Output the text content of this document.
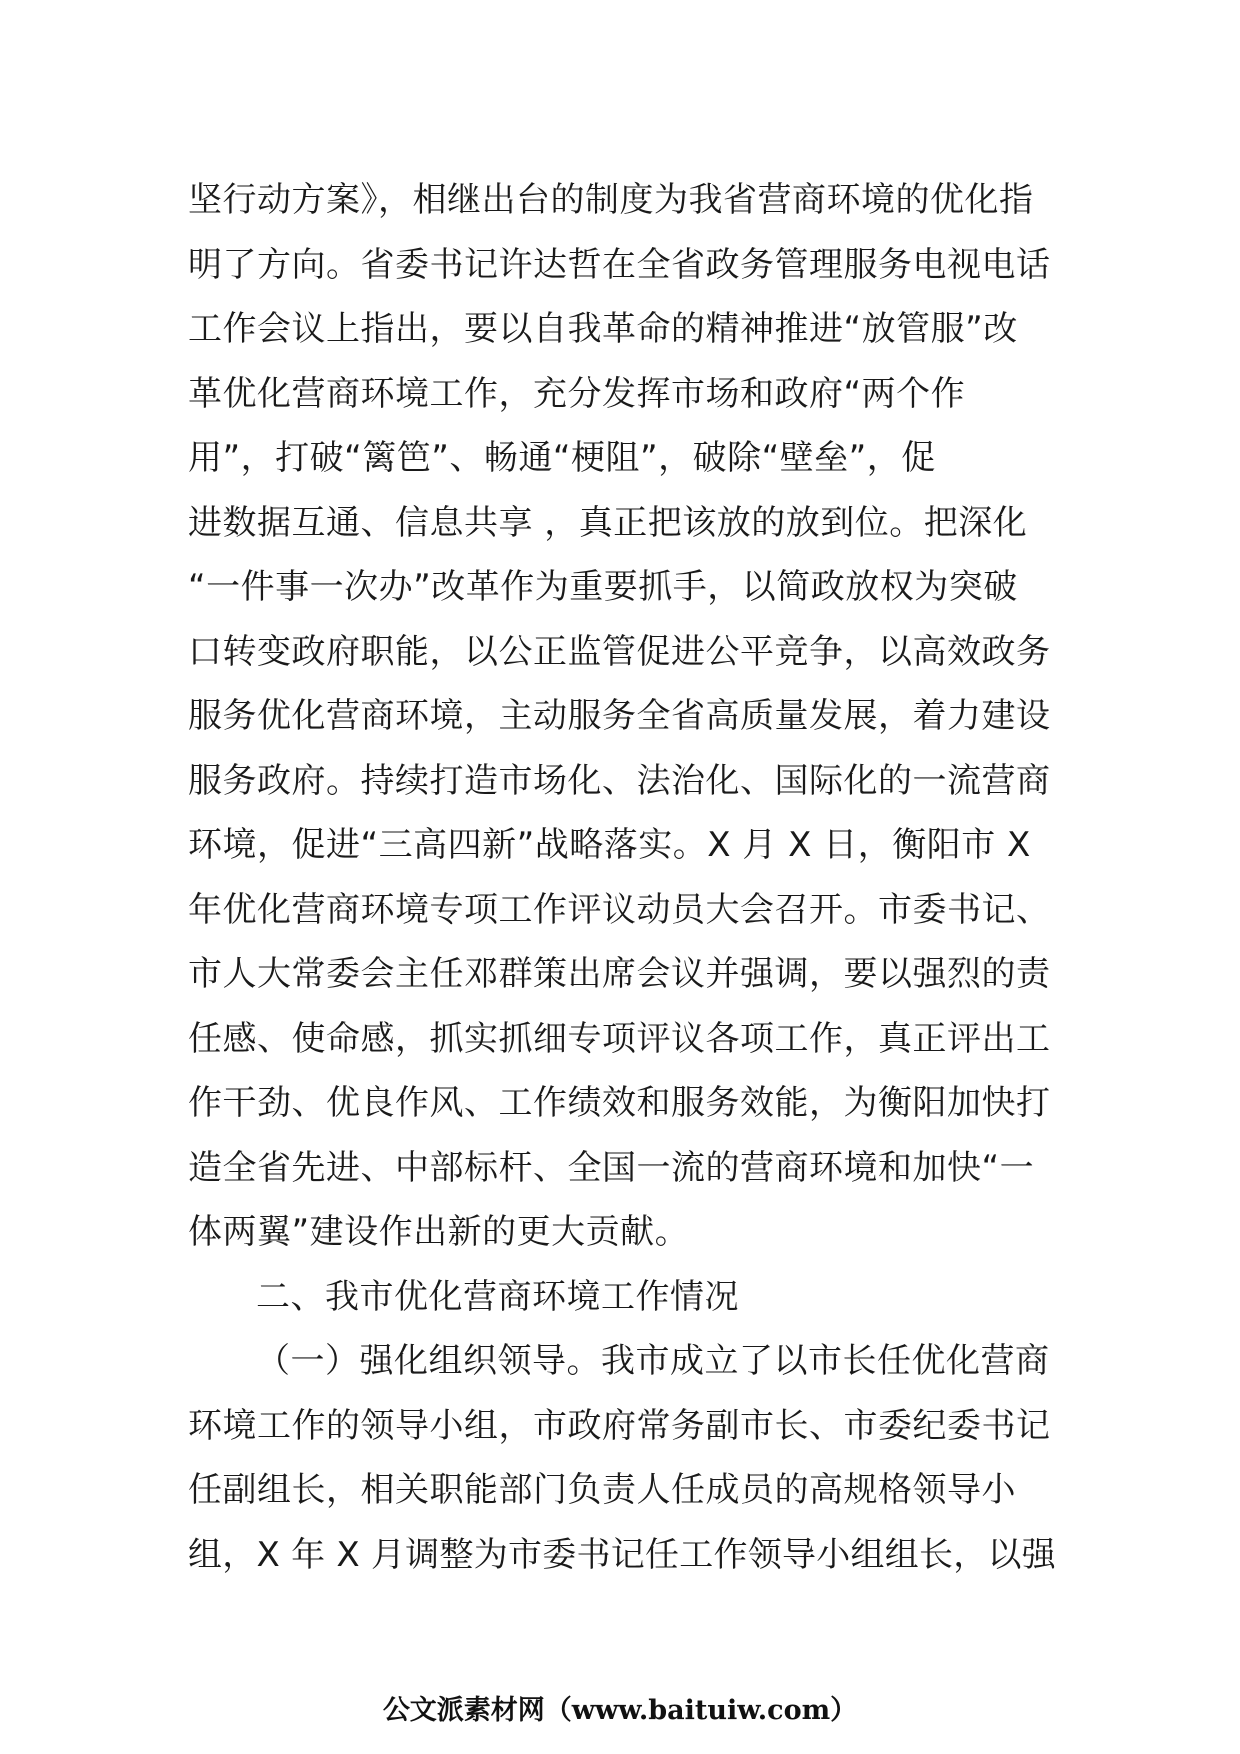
坚行动方案》，相继出台的制度为我省营商环境的优化指
明了方向。省委书记许达哲在全省政务管理服务电视电话
工作会议上指出，要以自我革命的精神推进“放管服”改
革优化营商环境工作，充分发挥市场和政府“两个作
用”，打破“篱笆”、畅通“梗阻”，破除“壁垒”，促
进数据互通、信息共享 ，真正把该放的放到位。把深化
“一件事一次办”改革作为重要抓手，以简政放权为突破
口转变政府职能，以公正监管促进公平竞争，以高效政务
服务优化营商环境，主动服务全省高质量发展，着力建设
服务政府。持续打造市场化、法治化、国际化的一流营商
环境，促进“三高四新”战略落实。X 月 X 日，衡阳市 X
年优化营商环境专项工作评议动员大会召开。市委书记、
市人大常委会主任邓群策出席会议并强调，要以强烈的责
任感、使命感，抓实抓细专项评议各项工作，真正评出工
作干劲、优良作风、工作绩效和服务效能，为衡阳加快打
造全省先进、中部标杆、全国一流的营商环境和加快“一
体两翼”建设作出新的更大贡献。
二、我市优化营商环境工作情况
（一）强化组织领导。我市成立了以市长任优化营商
环境工作的领导小组，市政府常务副市长、市委纪委书记
任副组长，相关职能部门负责人任成员的高规格领导小
组，X 年 X 月调整为市委书记任工作领导小组组长，以强
公文派素材网（www.baituiw.com）
